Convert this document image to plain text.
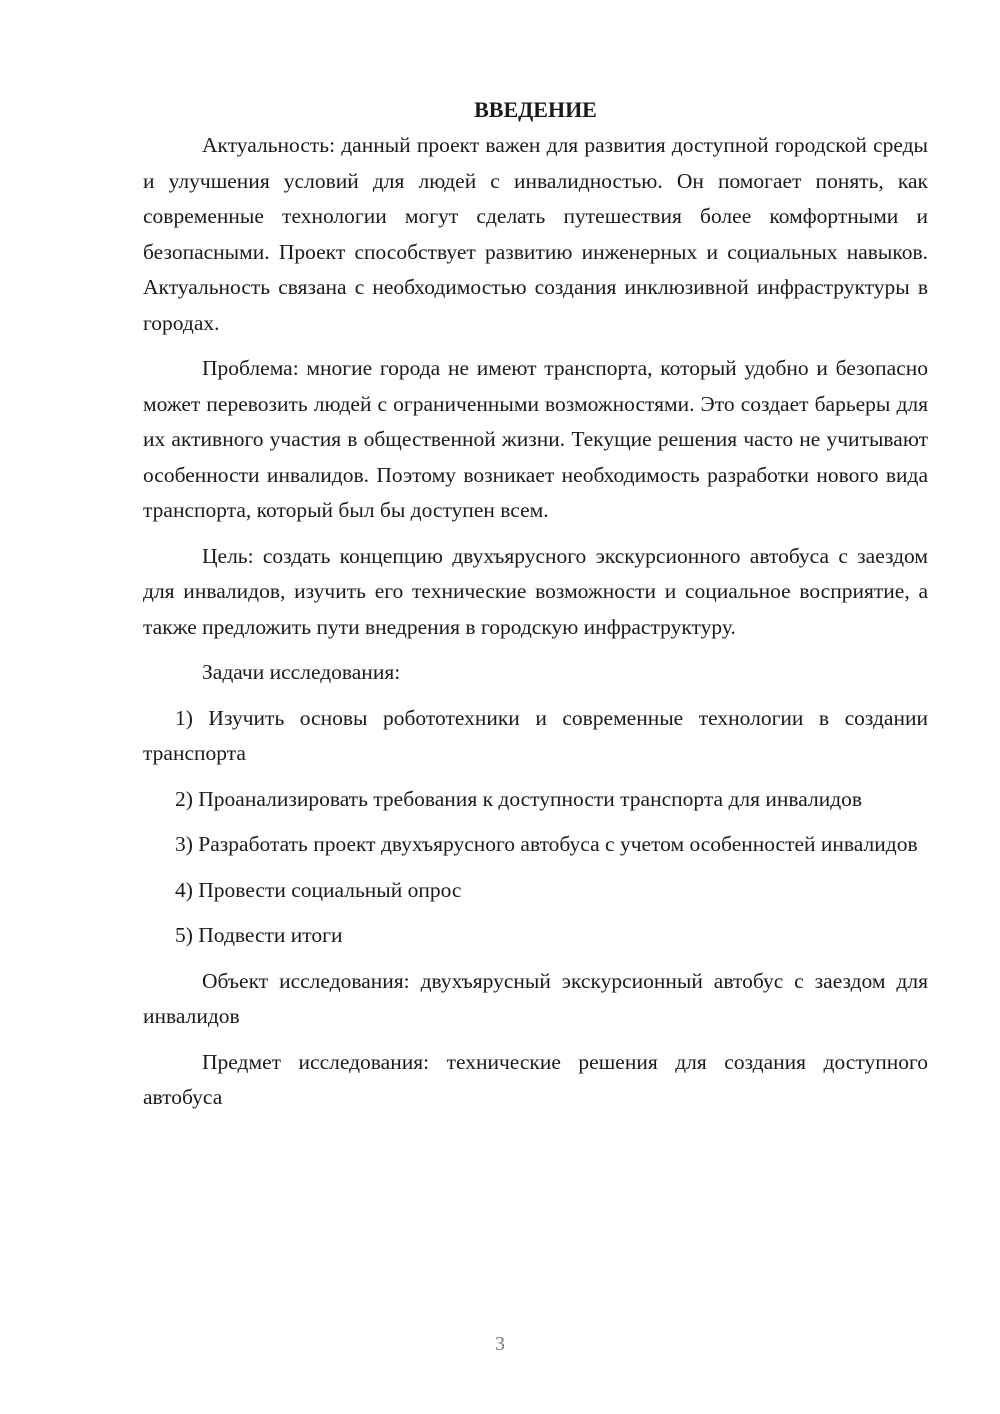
ВВЕДЕНИЕ

Актуальность: данный проект важен для развития доступной городской среды и улучшения условий для людей с инвалидностью. Он помогает понять, как современные технологии могут сделать путешествия более комфортными и безопасными. Проект способствует развитию инженерных и социальных навыков. Актуальность связана с необходимостью создания инклюзивной инфраструктуры в городах.

Проблема: многие города не имеют транспорта, который удобно и безопасно может перевозить людей с ограниченными возможностями. Это создает барьеры для их активного участия в общественной жизни. Текущие решения часто не учитывают особенности инвалидов. Поэтому возникает необходимость разработки нового вида транспорта, который был бы доступен всем.

Цель: создать концепцию двухъярусного экскурсионного автобуса с заездом для инвалидов, изучить его технические возможности и социальное восприятие, а также предложить пути внедрения в городскую инфраструктуру.

Задачи исследования:

1) Изучить основы робототехники и современные технологии в создании транспорта

2) Проанализировать требования к доступности транспорта для инвалидов

3) Разработать проект двухъярусного автобуса с учетом особенностей инвалидов

4) Провести социальный опрос

5) Подвести итоги

Объект исследования: двухъярусный экскурсионный автобус с заездом для инвалидов

Предмет исследования: технические решения для создания доступного автобуса

3
